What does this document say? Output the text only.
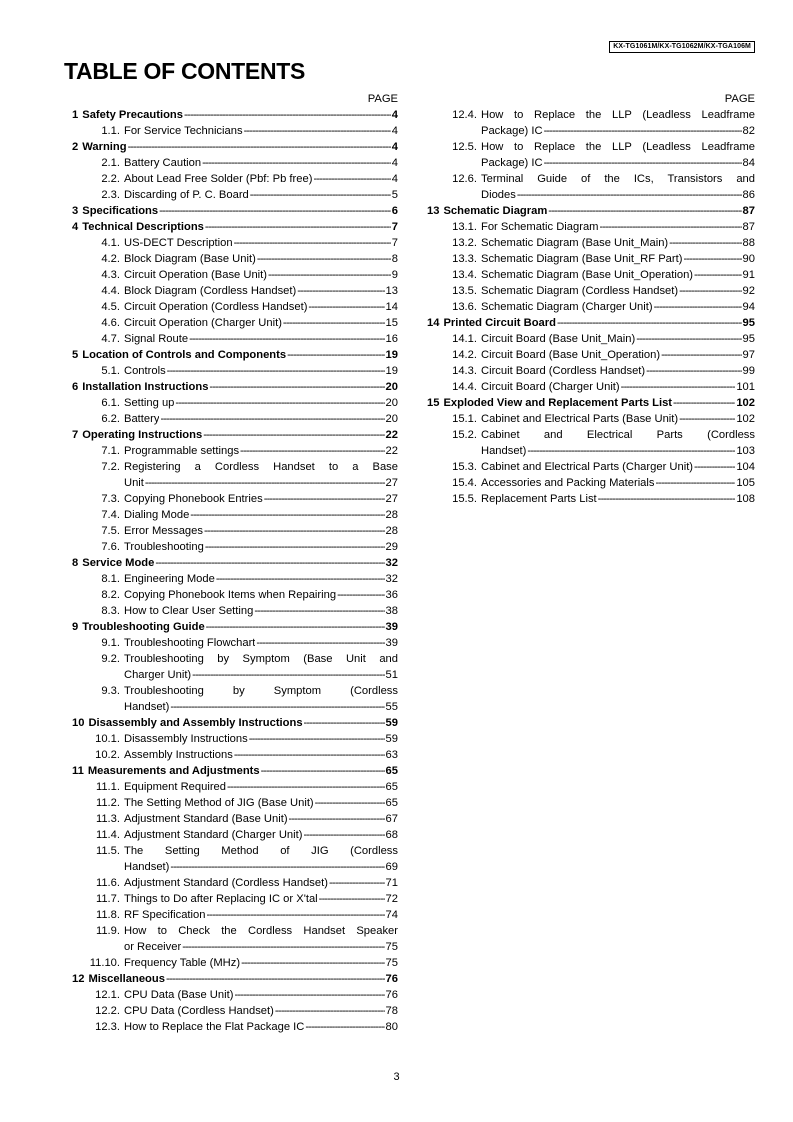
KX-TG1061M/KX-TG1062M/KX-TGA106M
TABLE OF CONTENTS
PAGE
1 Safety Precautions -----	4
1.1. For Service Technicians -----	4
2 Warning -----	4
2.1. Battery Caution -----	4
2.2. About Lead Free Solder (Pbf: Pb free) -----	4
2.3. Discarding of P. C. Board -----	5
3 Specifications -----	6
4 Technical Descriptions -----	7
4.1. US-DECT Description -----	7
4.2. Block Diagram (Base Unit) -----	8
4.3. Circuit Operation (Base Unit) -----	9
4.4. Block Diagram (Cordless Handset) -----	13
4.5. Circuit Operation (Cordless Handset) -----	14
4.6. Circuit Operation (Charger Unit) -----	15
4.7. Signal Route -----	16
5 Location of Controls and Components -----	19
5.1. Controls -----	19
6 Installation Instructions -----	20
6.1. Setting up -----	20
6.2. Battery -----	20
7 Operating Instructions -----	22
7.1. Programmable settings -----	22
7.2. Registering a Cordless Handset to a Base
Unit -----	27
7.3. Copying Phonebook Entries -----	27
7.4. Dialing Mode -----	28
7.5. Error Messages -----	28
7.6. Troubleshooting -----	29
8 Service Mode -----	32
8.1. Engineering Mode -----	32
8.2. Copying Phonebook Items when Repairing -----	36
8.3. How to Clear User Setting -----	38
9 Troubleshooting Guide -----	39
9.1. Troubleshooting Flowchart -----	39
9.2. Troubleshooting by Symptom (Base Unit and
Charger Unit) -----	51
9.3. Troubleshooting by Symptom (Cordless
Handset) -----	55
10 Disassembly and Assembly Instructions -----	59
10.1. Disassembly Instructions -----	59
10.2. Assembly Instructions -----	63
11 Measurements and Adjustments -----	65
11.1. Equipment Required -----	65
11.2. The Setting Method of JIG (Base Unit) -----	65
11.3. Adjustment Standard (Base Unit) -----	67
11.4. Adjustment Standard (Charger Unit) -----	68
11.5. The Setting Method of JIG (Cordless
Handset) -----	69
11.6. Adjustment Standard (Cordless Handset) -----	71
11.7. Things to Do after Replacing IC or X'tal -----	72
11.8. RF Specification -----	74
11.9. How to Check the Cordless Handset Speaker
or Receiver -----	75
11.10. Frequency Table (MHz) -----	75
12 Miscellaneous -----	76
12.1. CPU Data (Base Unit) -----	76
12.2. CPU Data (Cordless Handset) -----	78
12.3. How to Replace the Flat Package IC -----	80
PAGE
12.4. How to Replace the LLP (Leadless Leadframe
Package) IC -----	82
12.5. How to Replace the LLP (Leadless Leadframe
Package) IC -----	84
12.6. Terminal Guide of the ICs, Transistors and
Diodes -----	86
13 Schematic Diagram -----	87
13.1. For Schematic Diagram -----	87
13.2. Schematic Diagram (Base Unit_Main) -----	88
13.3. Schematic Diagram (Base Unit_RF Part) -----	90
13.4. Schematic Diagram (Base Unit_Operation) -----	91
13.5. Schematic Diagram (Cordless Handset) -----	92
13.6. Schematic Diagram (Charger Unit) -----	94
14 Printed Circuit Board -----	95
14.1. Circuit Board (Base Unit_Main) -----	95
14.2. Circuit Board (Base Unit_Operation) -----	97
14.3. Circuit Board (Cordless Handset) -----	99
14.4. Circuit Board (Charger Unit) -----	101
15 Exploded View and Replacement Parts List -----	102
15.1. Cabinet and Electrical Parts (Base Unit) -----	102
15.2. Cabinet and Electrical Parts (Cordless
Handset) -----	103
15.3. Cabinet and Electrical Parts (Charger Unit) -----	104
15.4. Accessories and Packing Materials -----	105
15.5. Replacement Parts List -----	108
3
